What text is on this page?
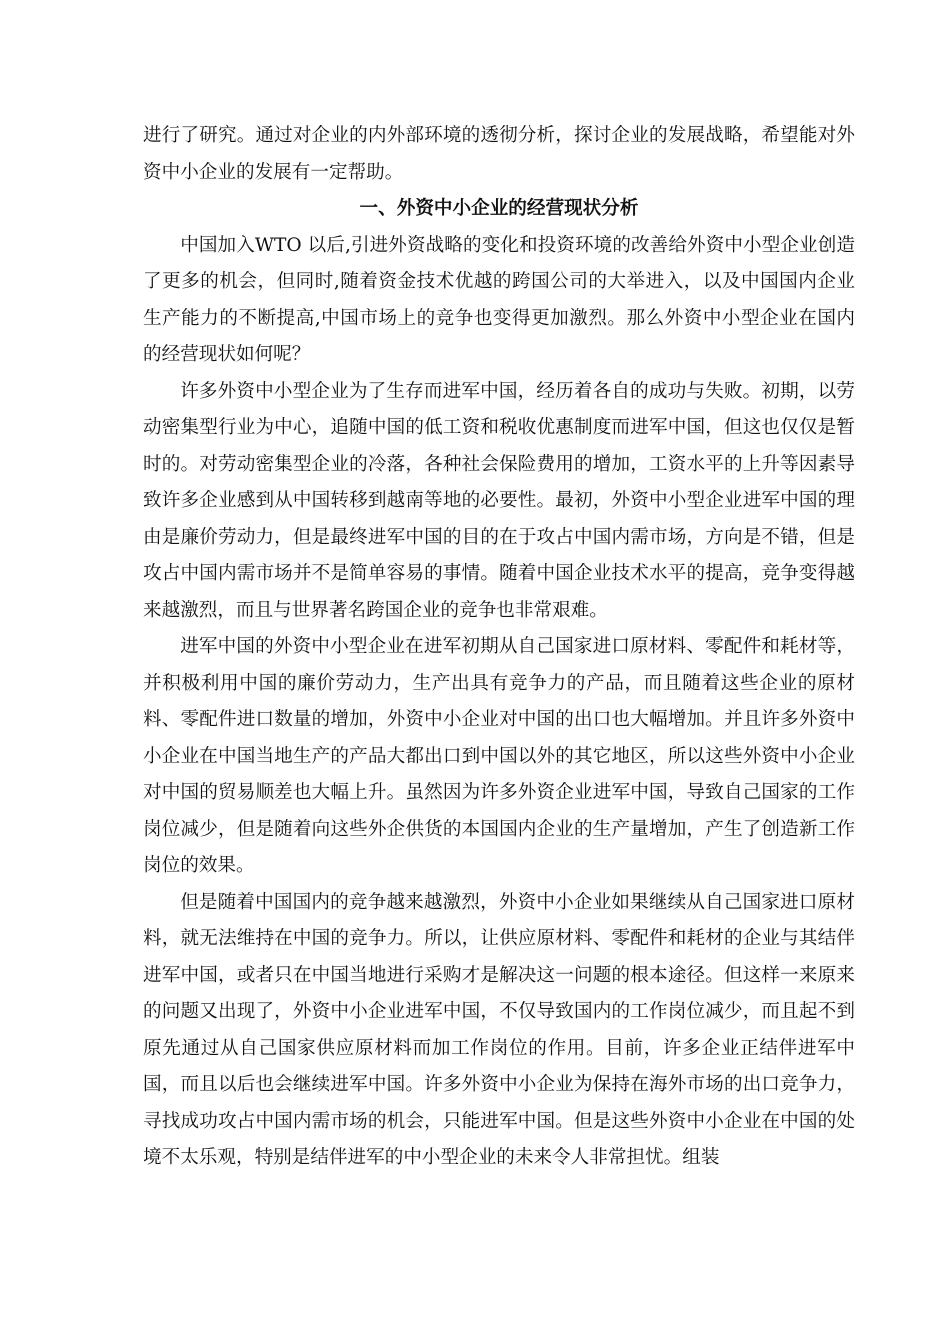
进行了研究。通过对企业的内外部环境的透彻分析，探讨企业的发展战略，希望能对外资中小企业的发展有一定帮助。

一、外资中小企业的经营现状分析

中国加入WTO 以后,引进外资战略的变化和投资环境的改善给外资中小型企业创造了更多的机会，但同时,随着资金技术优越的跨国公司的大举进入，以及中国国内企业生产能力的不断提高,中国市场上的竞争也变得更加激烈。那么外资中小型企业在国内的经营现状如何呢？

许多外资中小型企业为了生存而进军中国，经历着各自的成功与失败。初期，以劳动密集型行业为中心，追随中国的低工资和税收优惠制度而进军中国，但这也仅仅是暂时的。对劳动密集型企业的冷落，各种社会保险费用的增加，工资水平的上升等因素导致许多企业感到从中国转移到越南等地的必要性。最初，外资中小型企业进军中国的理由是廉价劳动力，但是最终进军中国的目的在于攻占中国内需市场，方向是不错，但是攻占中国内需市场并不是简单容易的事情。随着中国企业技术水平的提高，竞争变得越来越激烈，而且与世界著名跨国企业的竞争也非常艰难。

进军中国的外资中小型企业在进军初期从自己国家进口原材料、零配件和耗材等，并积极利用中国的廉价劳动力，生产出具有竞争力的产品，而且随着这些企业的原材料、零配件进口数量的增加，外资中小企业对中国的出口也大幅增加。并且许多外资中小企业在中国当地生产的产品大都出口到中国以外的其它地区，所以这些外资中小企业对中国的贸易顺差也大幅上升。虽然因为许多外资企业进军中国，导致自己国家的工作岗位减少，但是随着向这些外企供货的本国国内企业的生产量增加，产生了创造新工作岗位的效果。

但是随着中国国内的竞争越来越激烈，外资中小企业如果继续从自己国家进口原材料，就无法维持在中国的竞争力。所以，让供应原材料、零配件和耗材的企业与其结伴进军中国，或者只在中国当地进行采购才是解决这一问题的根本途径。但这样一来原来的问题又出现了，外资中小企业进军中国，不仅导致国内的工作岗位减少，而且起不到原先通过从自己国家供应原材料而加工作岗位的作用。目前，许多企业正结伴进军中国，而且以后也会继续进军中国。许多外资中小企业为保持在海外市场的出口竞争力，寻找成功攻占中国内需市场的机会，只能进军中国。但是这些外资中小企业在中国的处境不太乐观，特别是结伴进军的中小型企业的未来令人非常担忧。组装
